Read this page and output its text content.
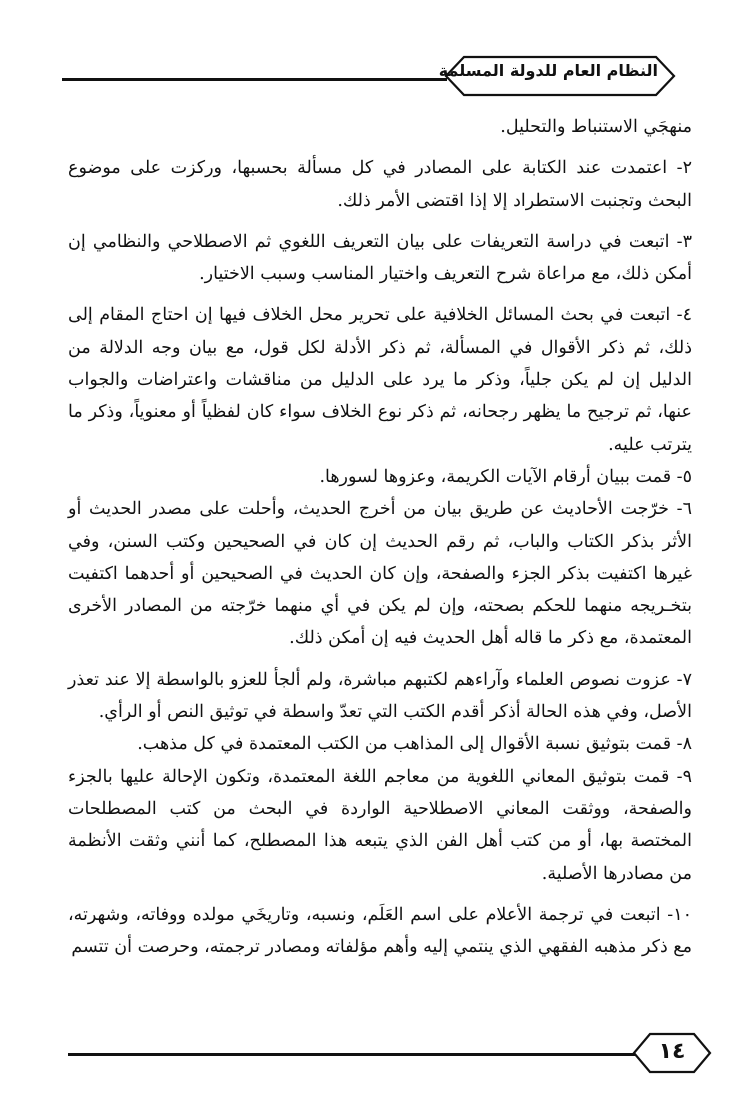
النظام العام للدولة المسلمة

منهجَي الاستنباط والتحليل.

٢- اعتمدت عند الكتابة على المصادر في كل مسألة بحسبها، وركزت على موضوع البحث وتجنبت الاستطراد إلا إذا اقتضى الأمر ذلك.

٣- اتبعت في دراسة التعريفات على بيان التعريف اللغوي ثم الاصطلاحي والنظامي إن أمكن ذلك، مع مراعاة شرح التعريف واختيار المناسب وسبب الاختيار.

٤- اتبعت في بحث المسائل الخلافية على تحرير محل الخلاف فيها إن احتاج المقام إلى ذلك، ثم ذكر الأقوال في المسألة، ثم ذكر الأدلة لكل قول، مع بيان وجه الدلالة من الدليل إن لم يكن جلياً، وذكر ما يرد على الدليل من مناقشات واعتراضات والجواب عنها، ثم ترجيح ما يظهر رجحانه، ثم ذكر نوع الخلاف سواء كان لفظياً أو معنوياً، وذكر ما يترتب عليه.

٥- قمت ببيان أرقام الآيات الكريمة، وعزوها لسورها.

٦- خرّجت الأحاديث عن طريق بيان من أخرج الحديث، وأحلت على مصدر الحديث أو الأثر بذكر الكتاب والباب، ثم رقم الحديث إن كان في الصحيحين وكتب السنن، وفي غيرها اكتفيت بذكر الجزء والصفحة، وإن كان الحديث في الصحيحين أو أحدهما اكتفيت بتخـريجه منهما للحكم بصحته، وإن لم يكن في أي منهما خرّجته من المصادر الأخرى المعتمدة، مع ذكر ما قاله أهل الحديث فيه إن أمكن ذلك.

٧- عزوت نصوص العلماء وآراءهم لكتبهم مباشرة، ولم ألجأ للعزو بالواسطة إلا عند تعذر الأصل، وفي هذه الحالة أذكر أقدم الكتب التي تعدّ واسطة في توثيق النص أو الرأي.

٨- قمت بتوثيق نسبة الأقوال إلى المذاهب من الكتب المعتمدة في كل مذهب.

٩- قمت بتوثيق المعاني اللغوية من معاجم اللغة المعتمدة، وتكون الإحالة عليها بالجزء والصفحة، ووثقت المعاني الاصطلاحية الواردة في البحث من كتب المصطلحات المختصة بها، أو من كتب أهل الفن الذي يتبعه هذا المصطلح، كما أنني وثقت الأنظمة من مصادرها الأصلية.

١٠- اتبعت في ترجمة الأعلام على اسم العَلَم، ونسبه، وتاريخَي مولده ووفاته، وشهرته، مع ذكر مذهبه الفقهي الذي ينتمي إليه وأهم مؤلفاته ومصادر ترجمته، وحرصت أن تتسم

١٤
